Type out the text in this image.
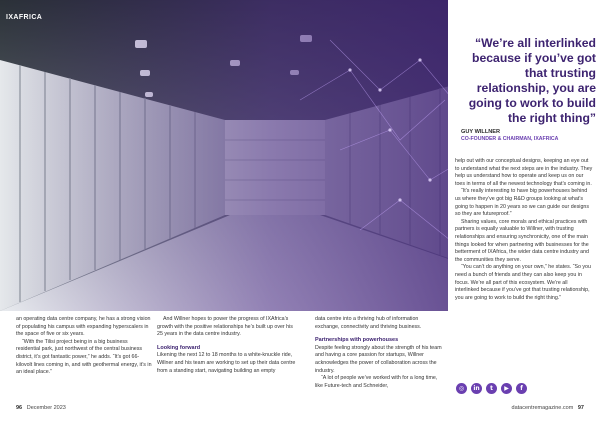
IXAFRICA
“We’re all interlinked because if you’ve got that trusting relationship, you are going to work to build the right thing”
GUY WILLNER
CO-FOUNDER & CHAIRMAN, IXAFRICA

an operating data centre company, he has a strong vision of populating his campus with expanding hyperscalers in the space of five or six years.

“With the Tilisi project being in a big business residential park, just northwest of the central business district, it’s got fantastic power,” he adds. “It’s got 66-kilovolt lines coming in, and with geothermal energy, it’s in an ideal place.”

And Willner hopes to power the progress of IXAfrica’s growth with the positive relationships he’s built up over his 25 years in the data centre industry.

Looking forward

Likening the next 12 to 18 months to a white-knuckle ride, Willner and his team are working to set up their data centre from a standing start, navigating building an empty

data centre into a thriving hub of information exchange, connectivity and thriving business.

Partnerships with powerhouses

Despite feeling strongly about the strength of his team and having a core passion for startups, Willner acknowledges the power of collaboration across the industry.

“A lot of people we’ve worked with for a long time, like Future-tech and Schneider,

help out with our conceptual designs, keeping an eye out to understand what the next steps are in the industry. They help us understand how to operate and keep us on our toes in terms of all the newest technology that’s coming in.

“It’s really interesting to have big powerhouses behind us where they’ve got big R&D groups looking at what’s going to happen in 20 years so we can guide our designs so they are futureproof.”

Sharing values, core morals and ethical practices with partners is equally valuable to Willner, with trusting relationships and ensuring synchronicity, one of the main things looked for when partnering with businesses for the betterment of IXAfrica, the wider data centre industry and the communities they serve.

“You can’t do anything on your own,” he states. “So you need a bunch of friends and they can also keep you in focus. We’re all part of this ecosystem. We’re all interlinked because if you’ve got that trusting relationship, you are going to work to build the right thing.”

◎	in	t	▶	f
96 December 2023	datacentremagazine.com 97
